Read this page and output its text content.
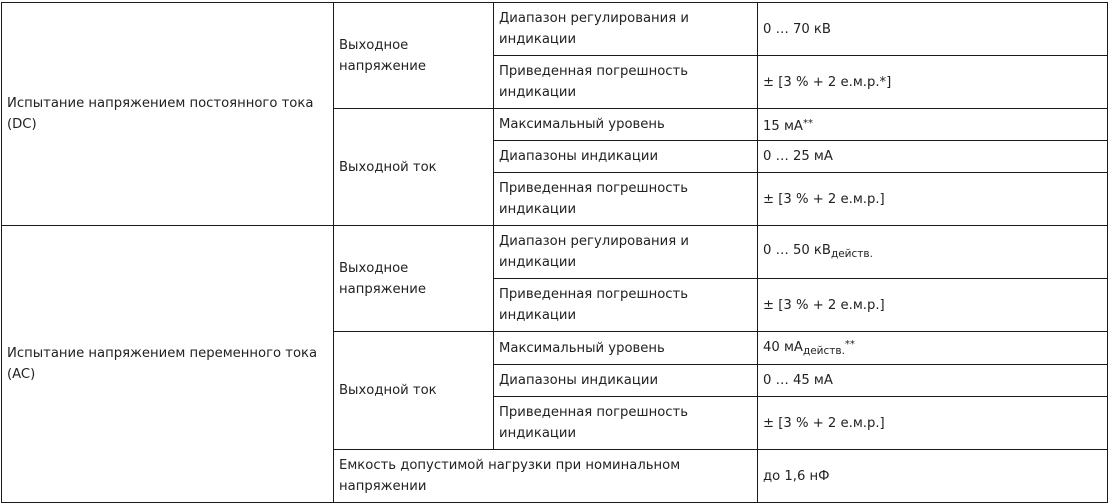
Испытание напряжением постоянного тока (DC)	Выходное напряжение	Диапазон регулирования и индикации	0 … 70 кВ
		Приведенная погрешность индикации	± [3 % + 2 е.м.р.*]
	Выходной ток	Максимальный уровень	15 мА**
		Диапазоны индикации	0 … 25 мА
		Приведенная погрешность индикации	± [3 % + 2 е.м.р.]
Испытание напряжением переменного тока (AC)	Выходное напряжение	Диапазон регулирования и индикации	0 … 50 $кВ_{действ.}$
		Приведенная погрешность индикации	± [3 % + 2 е.м.р.]
	Выходной ток	Максимальный уровень	40 $мА_{действ.}^{**}$
		Диапазоны индикации	0 … 45 мА
		Приведенная погрешность индикации	± [3 % + 2 е.м.р.]
	Емкость допустимой нагрузки при номинальном напряжении		до 1,6 нФ
